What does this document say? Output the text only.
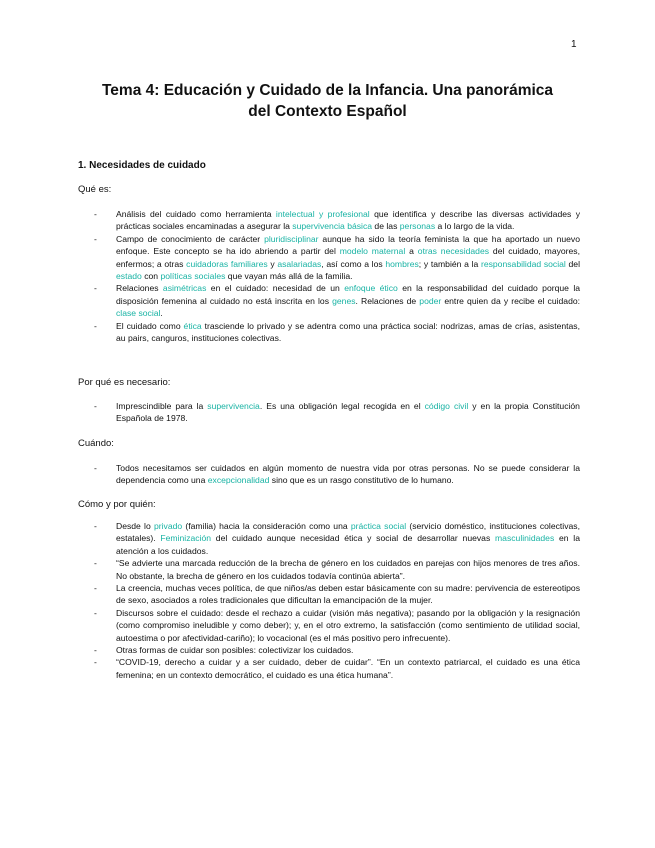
1
Tema 4: Educación y Cuidado de la Infancia. Una panorámica
del Contexto Español
1. Necesidades de cuidado

Qué es:

- Análisis del cuidado como herramienta intelectual y profesional que identifica y describe las diversas actividades y prácticas sociales encaminadas a asegurar la supervivencia básica de las personas a lo largo de la vida.
- Campo de conocimiento de carácter pluridisciplinar aunque ha sido la teoría feminista la que ha aportado un nuevo enfoque. Este concepto se ha ido abriendo a partir del modelo maternal a otras necesidades del cuidado, mayores, enfermos; a otras cuidadoras familiares y asalariadas, así como a los hombres; y también a la responsabilidad social del estado con políticas sociales que vayan más allá de la familia.
- Relaciones asimétricas en el cuidado: necesidad de un enfoque ético en la responsabilidad del cuidado porque la disposición femenina al cuidado no está inscrita en los genes. Relaciones de poder entre quien da y recibe el cuidado: clase social.
- El cuidado como ética trasciende lo privado y se adentra como una práctica social: nodrizas, amas de crías, asistentas, au pairs, canguros, instituciones colectivas.

Por qué es necesario:

- Imprescindible para la supervivencia. Es una obligación legal recogida en el código civil y en la propia Constitución Española de 1978.

Cuándo:

- Todos necesitamos ser cuidados en algún momento de nuestra vida por otras personas. No se puede considerar la dependencia como una excepcionalidad sino que es un rasgo constitutivo de lo humano.

Cómo y por quién:

- Desde lo privado (familia) hacia la consideración como una práctica social (servicio doméstico, instituciones colectivas, estatales). Feminización del cuidado aunque necesidad ética y social de desarrollar nuevas masculinidades en la atención a los cuidados.
- “Se advierte una marcada reducción de la brecha de género en los cuidados en parejas con hijos menores de tres años. No obstante, la brecha de género en los cuidados todavía continúa abierta”.
- La creencia, muchas veces política, de que niños/as deben estar básicamente con su madre: pervivencia de estereotipos de sexo, asociados a roles tradicionales que dificultan la emancipación de la mujer.
- Discursos sobre el cuidado: desde el rechazo a cuidar (visión más negativa); pasando por la obligación y la resignación (como compromiso ineludible y como deber); y, en el otro extremo, la satisfacción (como sentimiento de utilidad social, autoestima o por afectividad-cariño); lo vocacional (es el más positivo pero infrecuente).
- Otras formas de cuidar son posibles: colectivizar los cuidados.
- “COVID-19, derecho a cuidar y a ser cuidado, deber de cuidar”. “En un contexto patriarcal, el cuidado es una ética femenina; en un contexto democrático, el cuidado es una ética humana”.
